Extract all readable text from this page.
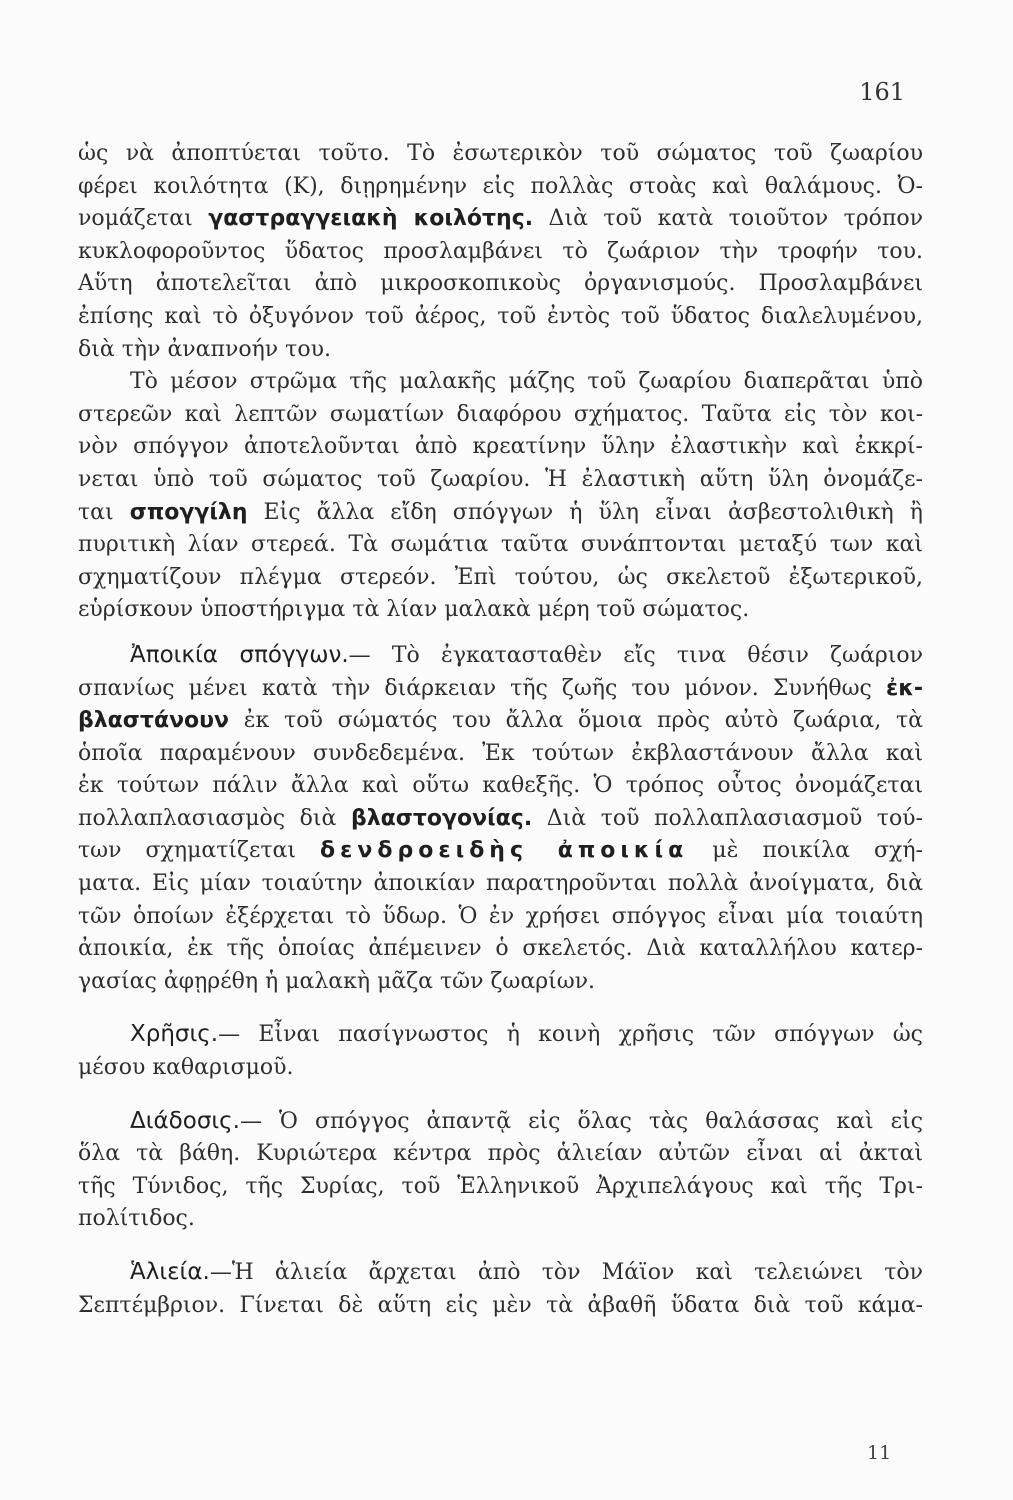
161
ὡς νὰ ἀποπτύεται τοῦτο. Τὸ ἐσωτερικὸν τοῦ σώματος τοῦ ζωαρίου
φέρει κοιλότητα (Κ), διῃρημένην εἰς πολλὰς στοὰς καὶ θαλάμους. Ὀ-
νομάζεται γαστραγγειακὴ κοιλότης. Διὰ τοῦ κατὰ τοιοῦτον τρόπον
κυκλοφοροῦντος ὕδατος προσλαμβάνει τὸ ζωάριον τὴν τροφήν του.
Αὕτη ἀποτελεῖται ἀπὸ μικροσκοπικοὺς ὀργανισμούς. Προσλαμβάνει
ἐπίσης καὶ τὸ ὀξυγόνον τοῦ ἀέρος, τοῦ ἐντὸς τοῦ ὕδατος διαλελυμένου,
διὰ τὴν ἀναπνοήν του.
Τὸ μέσον στρῶμα τῆς μαλακῆς μάζης τοῦ ζωαρίου διαπερᾶται ὑπὸ
στερεῶν καὶ λεπτῶν σωματίων διαφόρου σχήματος. Ταῦτα εἰς τὸν κοι-
νὸν σπόγγον ἀποτελοῦνται ἀπὸ κρεατίνην ὕλην ἐλαστικὴν καὶ ἐκκρί-
νεται ὑπὸ τοῦ σώματος τοῦ ζωαρίου. Ἡ ἐλαστικὴ αὕτη ὕλη ὀνομάζε-
ται σπογγίλη Εἰς ἄλλα εἴδη σπόγγων ἡ ὕλη εἶναι ἀσβεστολιθικὴ ἢ
πυριτικὴ λίαν στερεά. Τὰ σωμάτια ταῦτα συνάπτονται μεταξύ των καὶ
σχηματίζουν πλέγμα στερεόν. Ἐπὶ τούτου, ὡς σκελετοῦ ἐξωτερικοῦ,
εὑρίσκουν ὑποστήριγμα τὰ λίαν μαλακὰ μέρη τοῦ σώματος.
Ἀποικία σπόγγων.— Τὸ ἐγκατασταθὲν εἴς τινα θέσιν ζωάριον
σπανίως μένει κατὰ τὴν διάρκειαν τῆς ζωῆς του μόνον. Συνήθως ἐκ-
βλαστάνουν ἐκ τοῦ σώματός του ἄλλα ὅμοια πρὸς αὐτὸ ζωάρια, τὰ
ὁποῖα παραμένουν συνδεδεμένα. Ἐκ τούτων ἐκβλαστάνουν ἄλλα καὶ
ἐκ τούτων πάλιν ἄλλα καὶ οὕτω καθεξῆς. Ὁ τρόπος οὗτος ὀνομάζεται
πολλαπλασιασμὸς διὰ βλαστογονίας. Διὰ τοῦ πολλαπλασιασμοῦ τού-
των σχηματίζεται δενδροειδὴς ἀποικία μὲ ποικίλα σχή-
ματα. Εἰς μίαν τοιαύτην ἀποικίαν παρατηροῦνται πολλὰ ἀνοίγματα, διὰ
τῶν ὁποίων ἐξέρχεται τὸ ὕδωρ. Ὁ ἐν χρήσει σπόγγος εἶναι μία τοιαύτη
ἀποικία, ἐκ τῆς ὁποίας ἀπέμεινεν ὁ σκελετός. Διὰ καταλλήλου κατερ-
γασίας ἀφῃρέθη ἡ μαλακὴ μᾶζα τῶν ζωαρίων.
Χρῆσις.— Εἶναι πασίγνωστος ἡ κοινὴ χρῆσις τῶν σπόγγων ὡς
μέσου καθαρισμοῦ.
Διάδοσις.— Ὁ σπόγγος ἀπαντᾷ εἰς ὅλας τὰς θαλάσσας καὶ εἰς
ὅλα τὰ βάθη. Κυριώτερα κέντρα πρὸς ἁλιείαν αὐτῶν εἶναι αἱ ἀκταὶ
τῆς Τύνιδος, τῆς Συρίας, τοῦ Ἑλληνικοῦ Ἀρχιπελάγους καὶ τῆς Τρι-
πολίτιδος.
Ἁλιεία.—Ἡ ἁλιεία ἄρχεται ἀπὸ τὸν Μάϊον καὶ τελειώνει τὸν
Σεπτέμβριον. Γίνεται δὲ αὕτη εἰς μὲν τὰ ἀβαθῆ ὕδατα διὰ τοῦ κάμα-
11
